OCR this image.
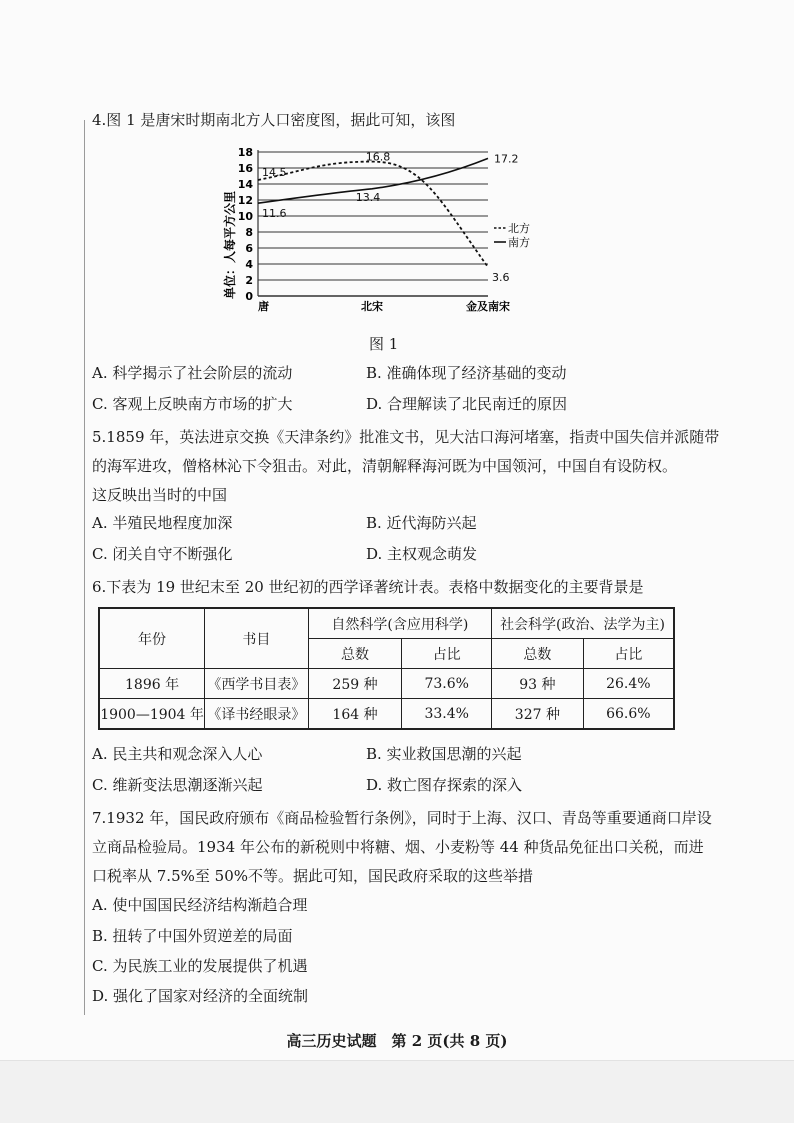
4.图 1 是唐宋时期南北方人口密度图，据此可知，该图
0
2
4
6
8
10
12
14
16
18
唐	北宋	金及南宋
14.5
16.8
3.6
11.6
13.4
17.2
北方
南方
单位：人每平方公里
图 1
A. 科学揭示了社会阶层的流动	B. 准确体现了经济基础的变动
C. 客观上反映南方市场的扩大	D. 合理解读了北民南迁的原因
5.1859 年，英法进京交换《天津条约》批准文书，见大沽口海河堵塞，指责中国失信并派随带
的海军进攻，僧格林沁下令狙击。对此，清朝解释海河既为中国领河，中国自有设防权。
这反映出当时的中国
A. 半殖民地程度加深	B. 近代海防兴起
C. 闭关自守不断强化	D. 主权观念萌发
6.下表为 19 世纪末至 20 世纪初的西学译著统计表。表格中数据变化的主要背景是
年份	书目	自然科学(含应用科学)		社会科学(政治、法学为主)	
		总数	占比	总数	占比
1896 年	《西学书目表》	259 种	73.6%	93 种	26.4%
1900—1904 年	《译书经眼录》	164 种	33.4%	327 种	66.6%
A. 民主共和观念深入人心	B. 实业救国思潮的兴起
C. 维新变法思潮逐渐兴起	D. 救亡图存探索的深入
7.1932 年，国民政府颁布《商品检验暂行条例》，同时于上海、汉口、青岛等重要通商口岸设
立商品检验局。1934 年公布的新税则中将糖、烟、小麦粉等 44 种货品免征出口关税，而进
口税率从 7.5%至 50%不等。据此可知，国民政府采取的这些举措
A. 使中国国民经济结构渐趋合理
B. 扭转了中国外贸逆差的局面
C. 为民族工业的发展提供了机遇
D. 强化了国家对经济的全面统制
高三历史试题　第 2 页(共 8 页)
